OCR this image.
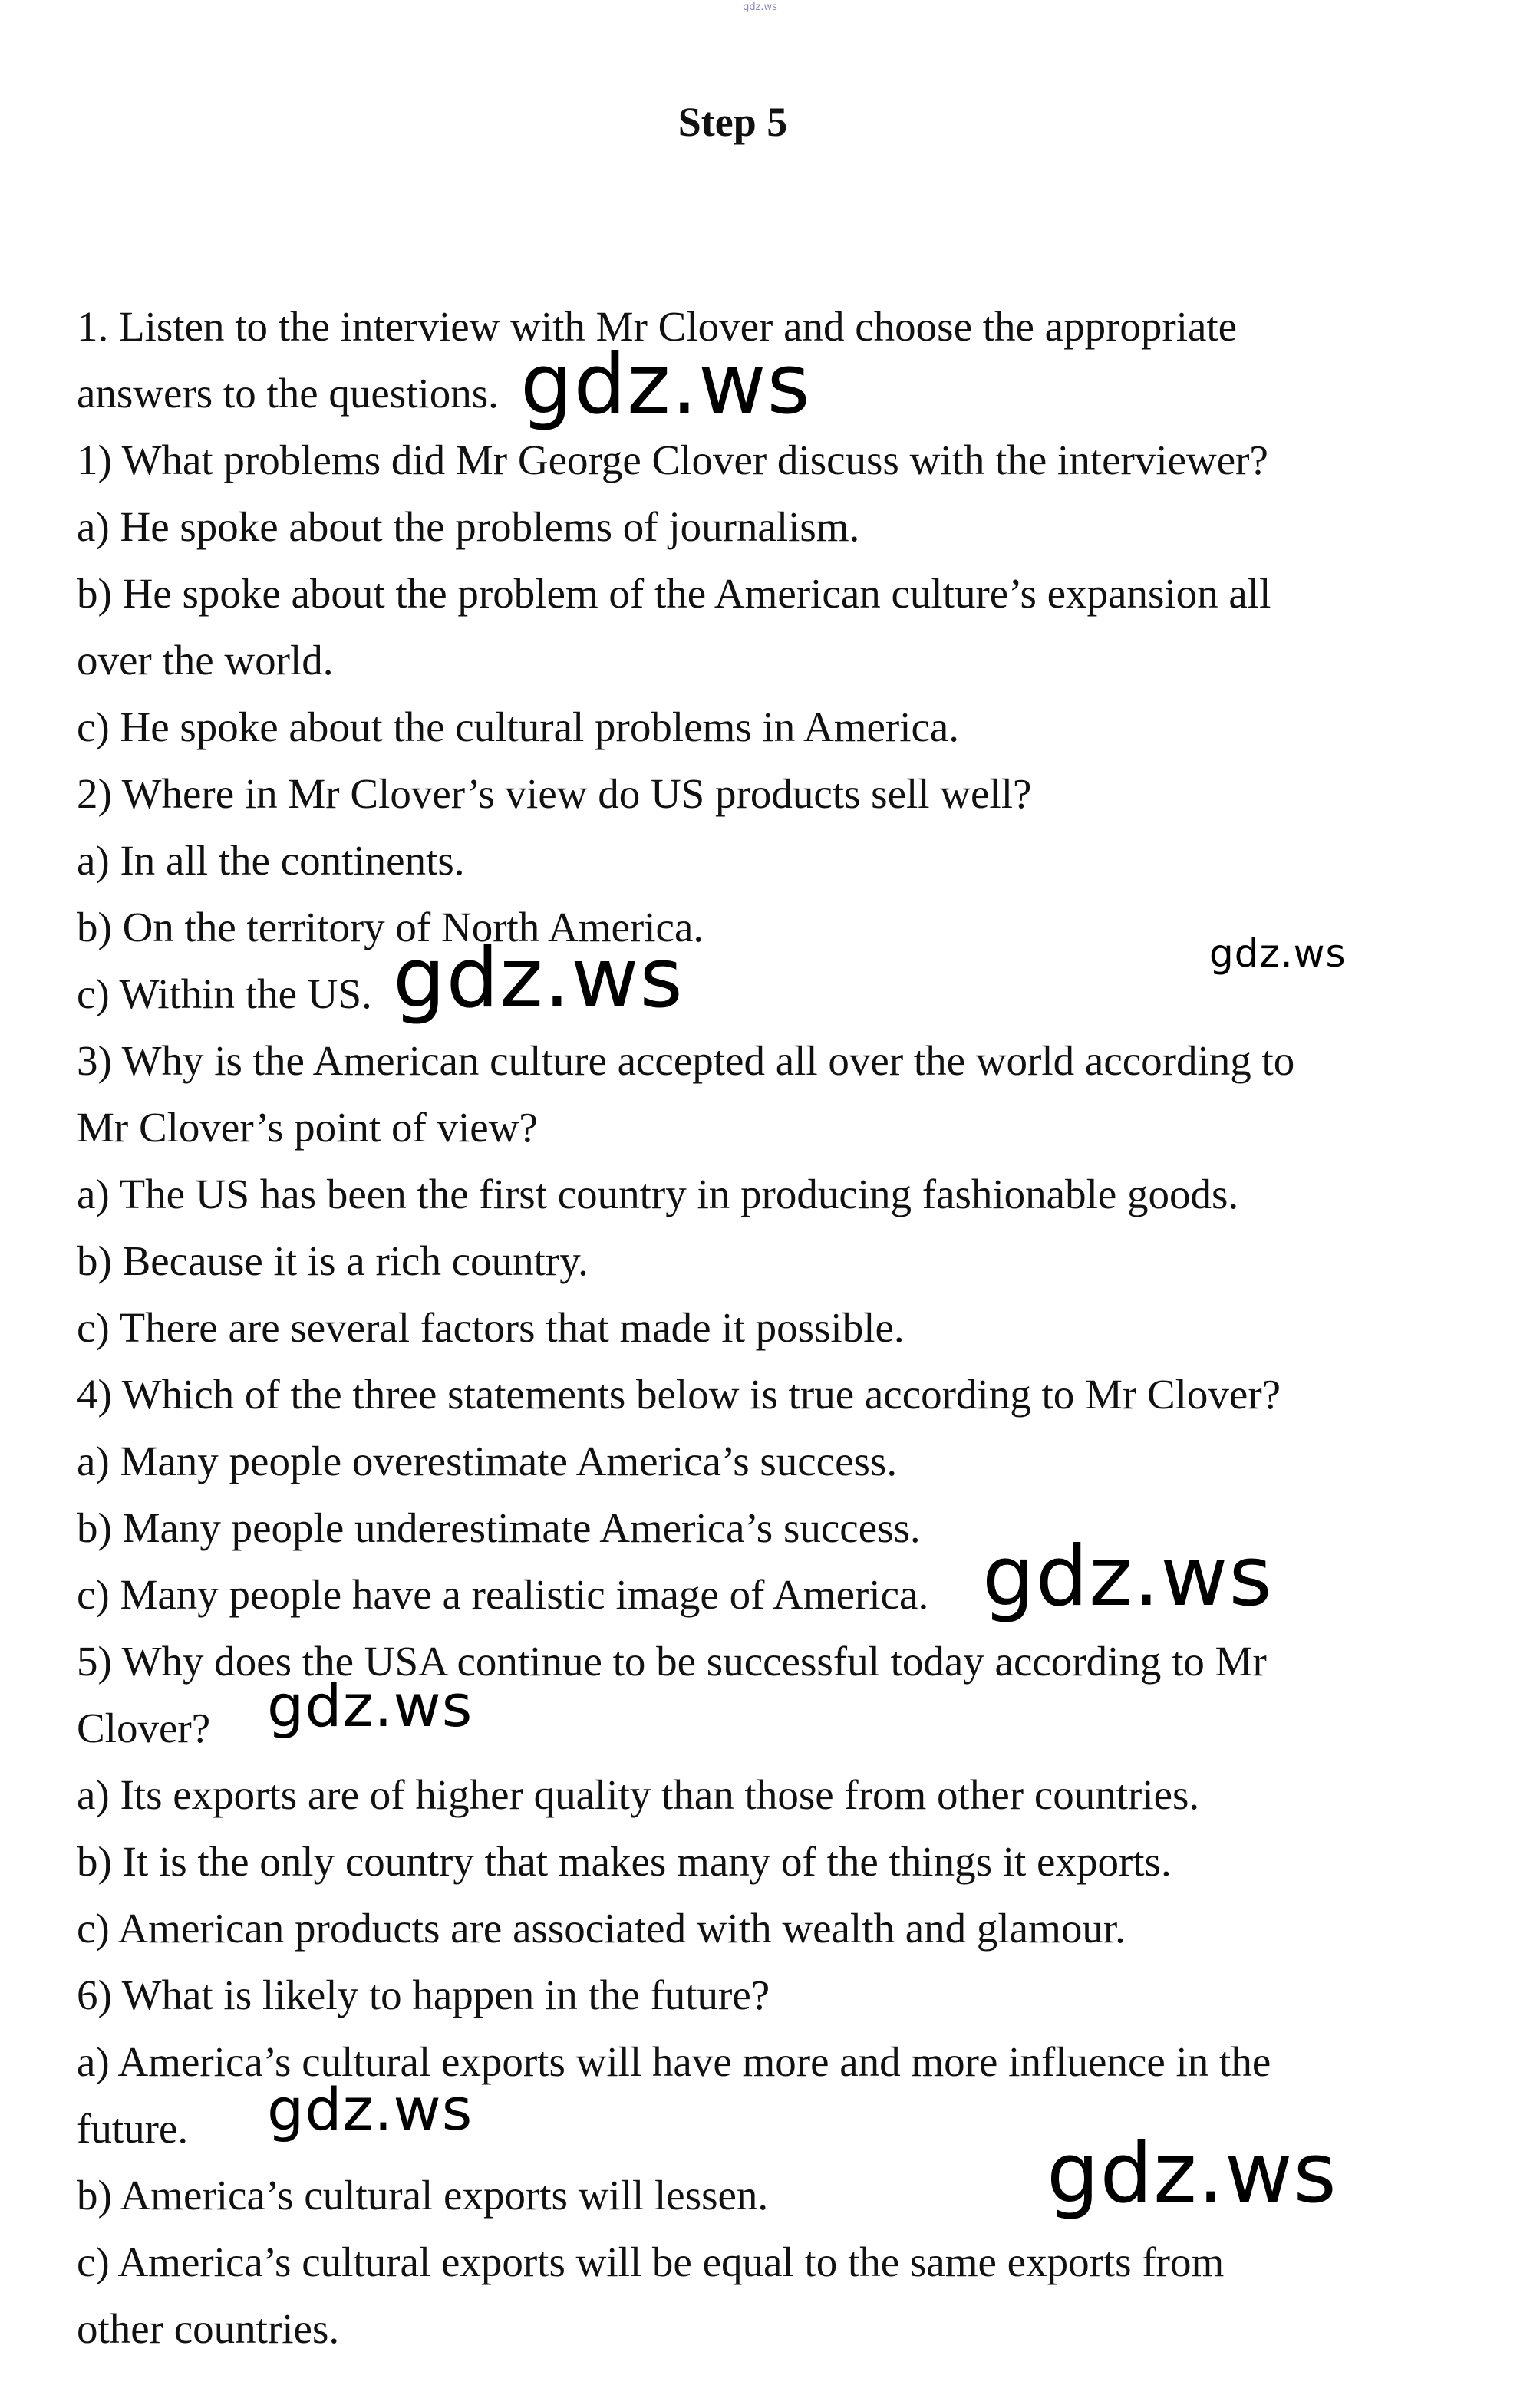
gdz.ws
Step 5

1. Listen to the interview with Mr Clover and choose the appropriate

answers to the questions.

1) What problems did Mr George Clover discuss with the interviewer?

a) He spoke about the problems of journalism.

b) He spoke about the problem of the American culture’s expansion all

over the world.

c) He spoke about the cultural problems in America.

2) Where in Mr Clover’s view do US products sell well?

a) In all the continents.

b) On the territory of North America.

c) Within the US.

3) Why is the American culture accepted all over the world according to

Mr Clover’s point of view?

a) The US has been the first country in producing fashionable goods.

b) Because it is a rich country.

c) There are several factors that made it possible.

4) Which of the three statements below is true according to Mr Clover?

a) Many people overestimate America’s success.

b) Many people underestimate America’s success.

c) Many people have a realistic image of America.

5) Why does the USA continue to be successful today according to Mr

Clover?

a) Its exports are of higher quality than those from other countries.

b) It is the only country that makes many of the things it exports.

c) American products are associated with wealth and glamour.

6) What is likely to happen in the future?

a) America’s cultural exports will have more and more influence in the

future.

b) America’s cultural exports will lessen.

c) America’s cultural exports will be equal to the same exports from

other countries.

gdz.ws
gdz.ws	gdz.ws
gdz.ws
gdz.ws
gdz.ws
gdz.ws
